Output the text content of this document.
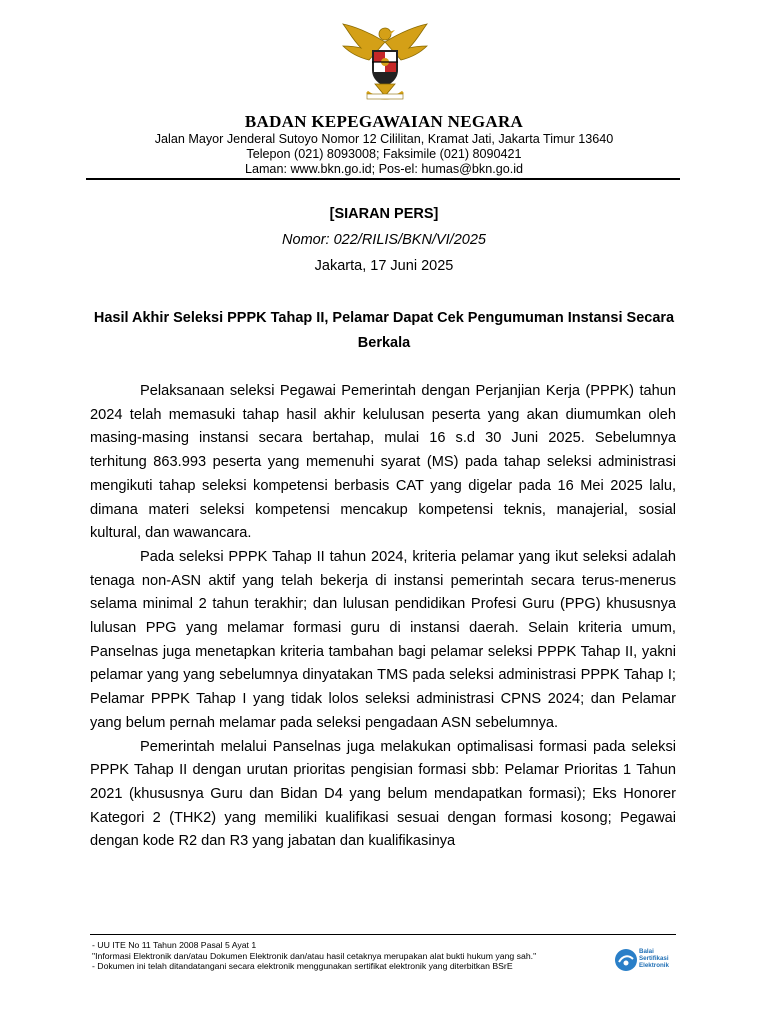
BADAN KEPEGAWAIAN NEGARA
Jalan Mayor Jenderal Sutoyo Nomor 12 Cililitan, Kramat Jati, Jakarta Timur 13640
Telepon (021) 8093008; Faksimile (021) 8090421
Laman: www.bkn.go.id; Pos-el: humas@bkn.go.id
[SIARAN PERS]
Nomor: 022/RILIS/BKN/VI/2025
Jakarta, 17 Juni 2025
Hasil Akhir Seleksi PPPK Tahap II, Pelamar Dapat Cek Pengumuman Instansi Secara Berkala

Pelaksanaan seleksi Pegawai Pemerintah dengan Perjanjian Kerja (PPPK) tahun 2024 telah memasuki tahap hasil akhir kelulusan peserta yang akan diumumkan oleh masing-masing instansi secara bertahap, mulai 16 s.d 30 Juni 2025. Sebelumnya terhitung 863.993 peserta yang memenuhi syarat (MS) pada tahap seleksi administrasi mengikuti tahap seleksi kompetensi berbasis CAT yang digelar pada 16 Mei 2025 lalu, dimana materi seleksi kompetensi mencakup kompetensi teknis, manajerial, sosial kultural, dan wawancara.

Pada seleksi PPPK Tahap II tahun 2024, kriteria pelamar yang ikut seleksi adalah tenaga non-ASN aktif yang telah bekerja di instansi pemerintah secara terus-menerus selama minimal 2 tahun terakhir; dan lulusan pendidikan Profesi Guru (PPG) khususnya lulusan PPG yang melamar formasi guru di instansi daerah. Selain kriteria umum, Panselnas juga menetapkan kriteria tambahan bagi pelamar seleksi PPPK Tahap II, yakni pelamar yang yang sebelumnya dinyatakan TMS pada seleksi administrasi PPPK Tahap I; Pelamar PPPK Tahap I yang tidak lolos seleksi administrasi CPNS 2024; dan Pelamar yang belum pernah melamar pada seleksi pengadaan ASN sebelumnya.

Pemerintah melalui Panselnas juga melakukan optimalisasi formasi pada seleksi PPPK Tahap II dengan urutan prioritas pengisian formasi sbb: Pelamar Prioritas 1 Tahun 2021 (khususnya Guru dan Bidan D4 yang belum mendapatkan formasi); Eks Honorer Kategori 2 (THK2) yang memiliki kualifikasi sesuai dengan formasi kosong; Pegawai dengan kode R2 dan R3 yang jabatan dan kualifikasinya

- UU ITE No 11 Tahun 2008 Pasal 5 Ayat 1
"Informasi Elektronik dan/atau Dokumen Elektronik dan/atau hasil cetaknya merupakan alat bukti hukum yang sah."
- Dokumen ini telah ditandatangani secara elektronik menggunakan sertifikat elektronik yang diterbitkan BSrE
Balai
Sertifikasi
Elektronik
